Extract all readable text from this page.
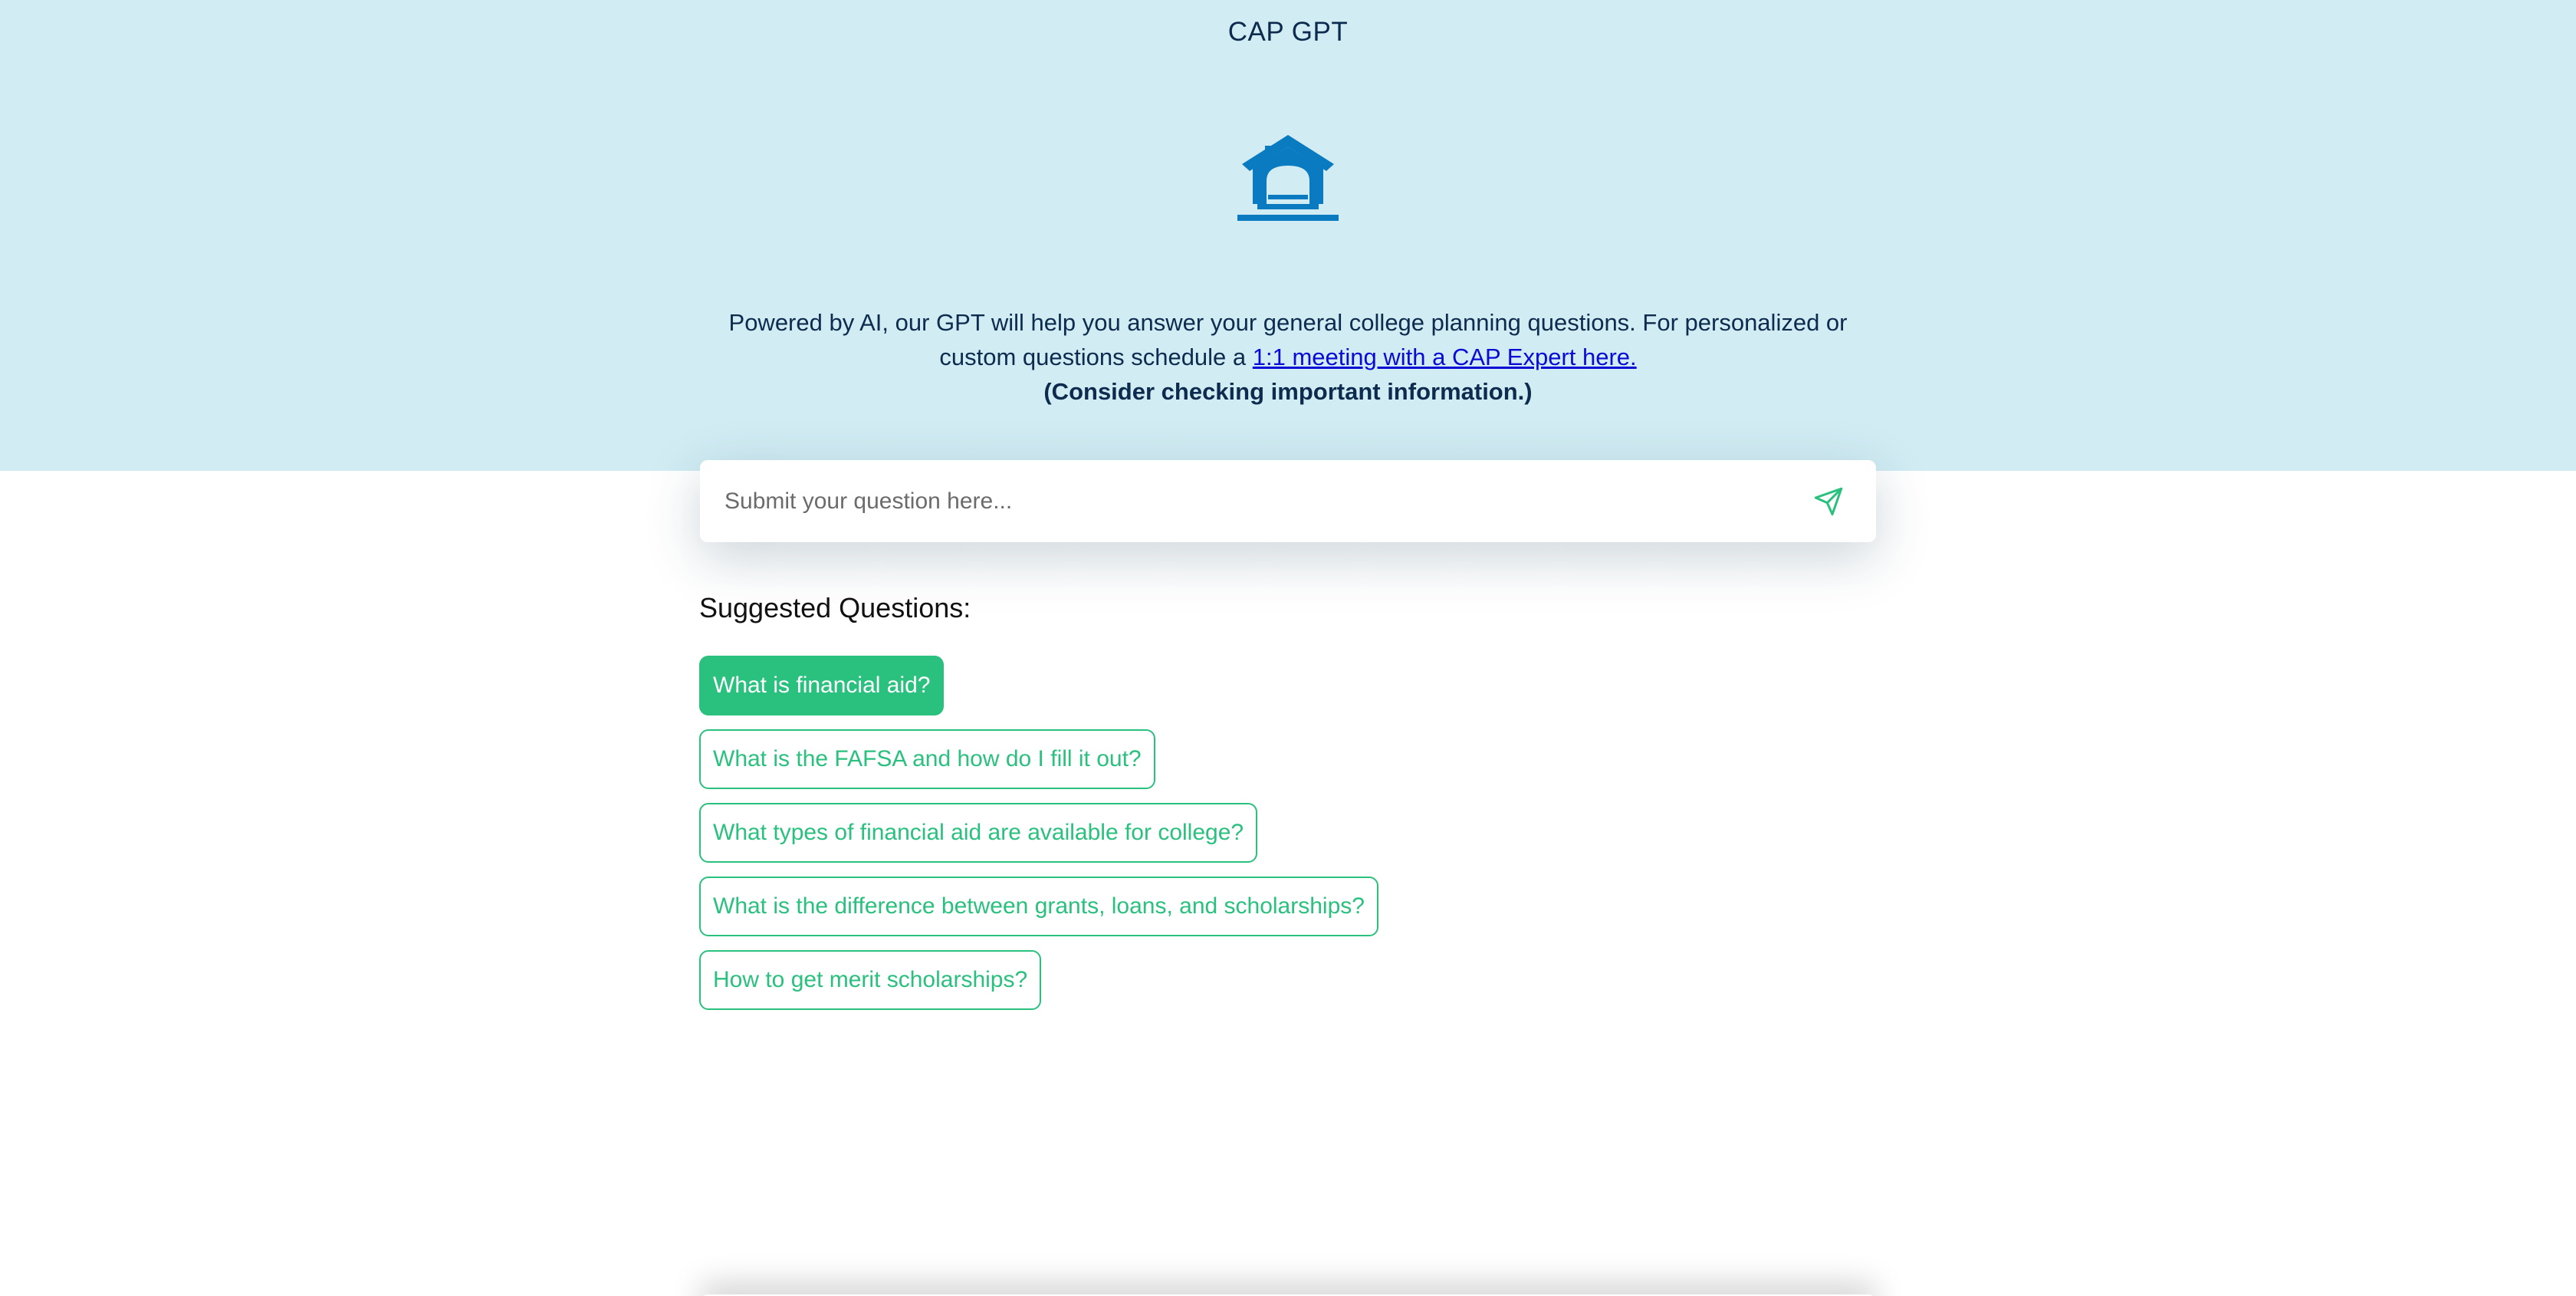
CAP GPT
Powered by AI, our GPT will help you answer your general college planning questions. For personalized or custom questions schedule a 1:1 meeting with a CAP Expert here.
(Consider checking important information.)
Submit your question here...
Suggested Questions:
What is financial aid?
What is the FAFSA and how do I fill it out?
What types of financial aid are available for college?
What is the difference between grants, loans, and scholarships?
How to get merit scholarships?
